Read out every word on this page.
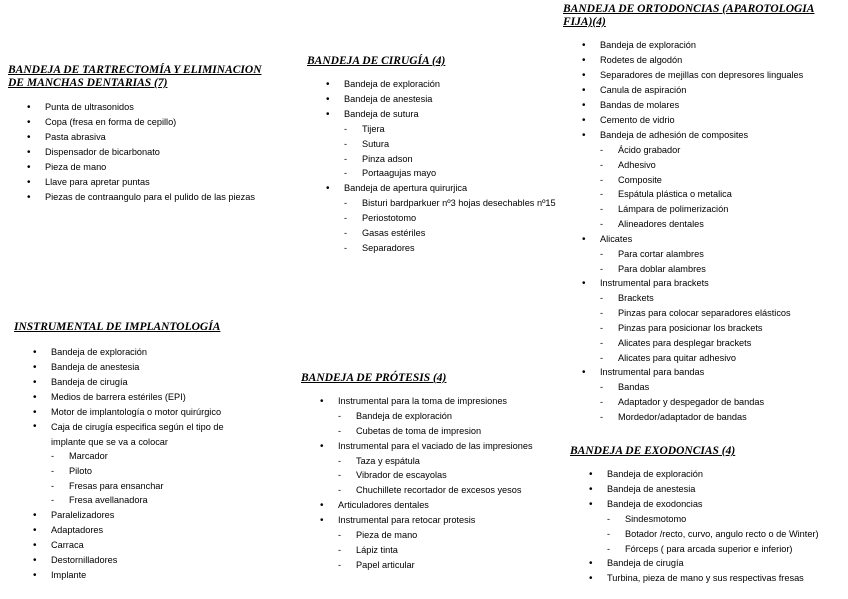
BANDEJA DE TARTRECTOMÍA Y ELIMINACION
DE MANCHAS DENTARIAS (7)
• Punta de ultrasonidos
• Copa (fresa en forma de cepillo)
• Pasta abrasiva
• Dispensador de bicarbonato
• Pieza de mano
• Llave para apretar puntas
• Piezas de contraangulo para el pulido de las piezas
BANDEJA DE CIRUGÍA (4)
• Bandeja de exploración
• Bandeja de anestesia
• Bandeja de sutura
- Tijera
- Sutura
- Pinza adson
- Portaagujas mayo
• Bandeja de apertura quirurjica
- Bisturi bardparkuer nº3 hojas desechables nº15
- Periostotomo
- Gasas estériles
- Separadores
BANDEJA DE ORTODONCIAS (APAROTOLOGIA
FIJA)(4)
• Bandeja de exploración
• Rodetes de algodón
• Separadores de mejillas con depresores linguales
• Canula de aspiración
• Bandas de molares
• Cemento de vidrio
• Bandeja de adhesión de composites
- Ácido grabador
- Adhesivo
- Composite
- Espátula plástica o metalica
- Lámpara de polimerización
- Alineadores dentales
• Alicates
- Para cortar alambres
- Para doblar alambres
• Instrumental para brackets
- Brackets
- Pinzas para colocar separadores elásticos
- Pinzas para posicionar los brackets
- Alicates para desplegar brackets
- Alicates para quitar adhesivo
• Instrumental para bandas
- Bandas
- Adaptador y despegador de bandas
- Mordedor/adaptador de bandas
INSTRUMENTAL DE IMPLANTOLOGÍA
• Bandeja de exploración
• Bandeja de anestesia
• Bandeja de cirugía
• Medios de barrera estériles (EPI)
• Motor de implantología o motor quirúrgico
• Caja de cirugía especifica según el tipo de implante que se va a colocar
- Marcador
- Piloto
- Fresas para ensanchar
- Fresa avellanadora
• Paralelizadores
• Adaptadores
• Carraca
• Destornilladores
• Implante
BANDEJA DE PRÓTESIS (4)
• Instrumental para la toma de impresiones
- Bandeja de exploración
- Cubetas de toma de impresion
• Instrumental para el vaciado de las impresiones
- Taza y espátula
- Vibrador de escayolas
- Chuchillete recortador de excesos yesos
• Articuladores dentales
• Instrumental para retocar protesis
- Pieza de mano
- Lápiz tinta
- Papel articular
BANDEJA DE EXODONCIAS (4)
• Bandeja de exploración
• Bandeja de anestesia
• Bandeja de exodoncias
- Sindesmotomo
- Botador /recto, curvo, angulo recto o de Winter)
- Fórceps ( para arcada superior e inferior)
• Bandeja de cirugía
• Turbina, pieza de mano y sus respectivas fresas
